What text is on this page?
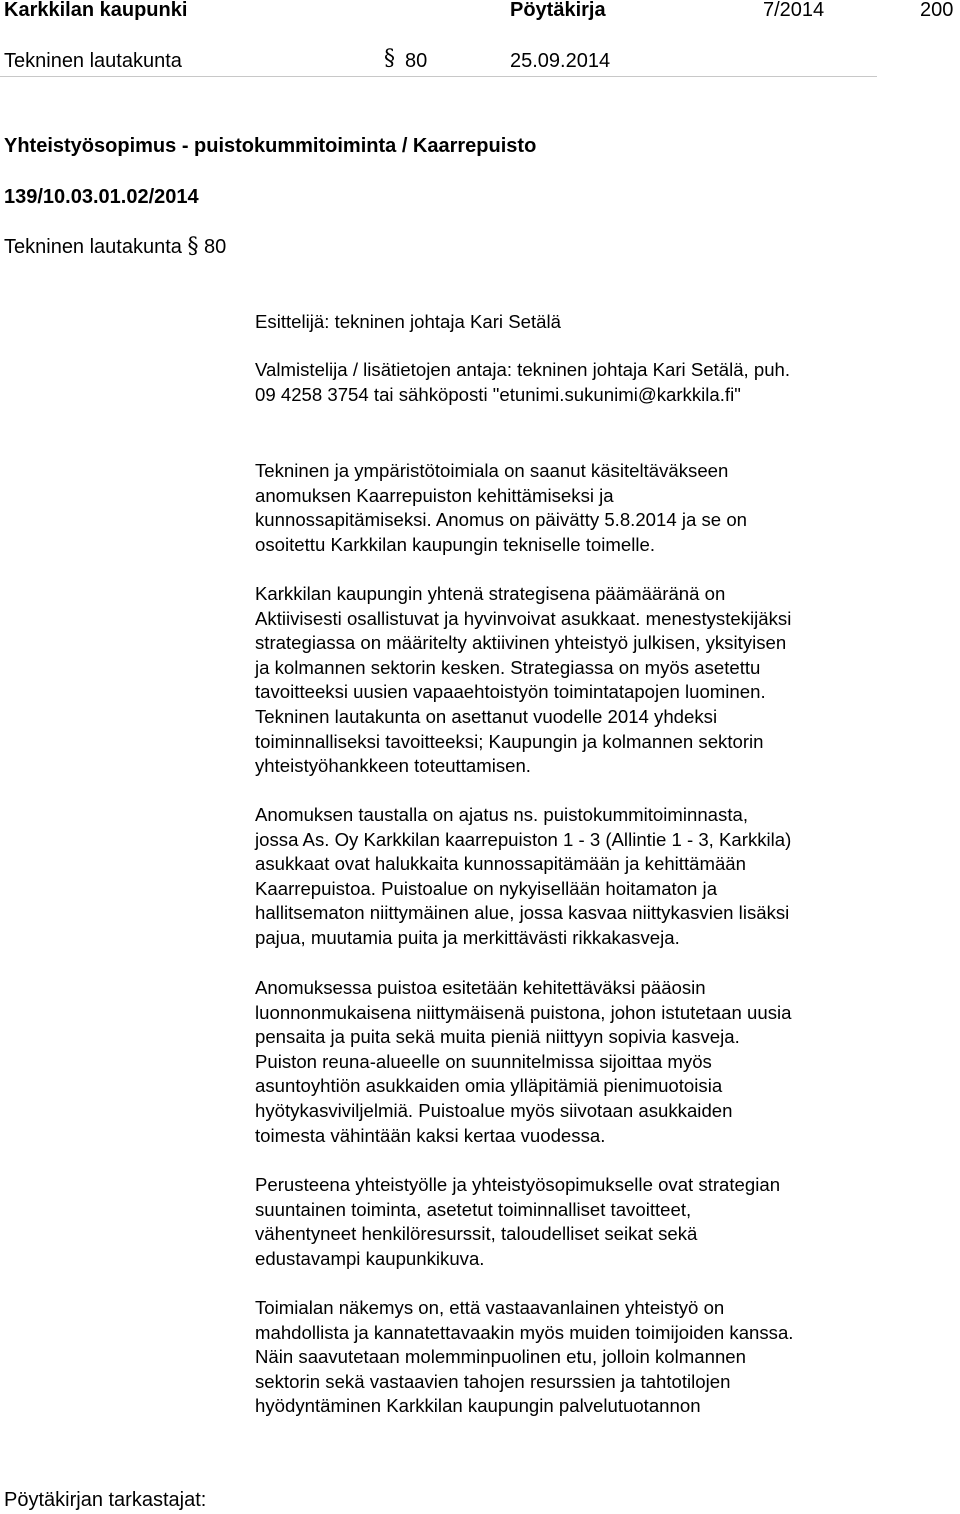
Karkkilan kaupunki	Pöytäkirja	7/2014	200
Tekninen lautakunta	§ 80	25.09.2014
Yhteistyösopimus - puistokummitoiminta / Kaarrepuisto
139/10.03.01.02/2014
Tekninen lautakunta § 80
Esittelijä: tekninen johtaja Kari Setälä
Valmistelija / lisätietojen antaja: tekninen johtaja Kari Setälä, puh.
09 4258 3754 tai sähköposti "etunimi.sukunimi@karkkila.fi"
Tekninen ja ympäristötoimiala on saanut käsiteltäväkseen
anomuksen Kaarrepuiston kehittämiseksi ja
kunnossapitämiseksi. Anomus on päivätty 5.8.2014 ja se on
osoitettu Karkkilan kaupungin tekniselle toimelle.
Karkkilan kaupungin yhtenä strategisena päämääränä on
Aktiivisesti osallistuvat ja hyvinvoivat asukkaat. menestystekijäksi
strategiassa on määritelty aktiivinen yhteistyö julkisen, yksityisen
ja kolmannen sektorin kesken. Strategiassa on myös asetettu
tavoitteeksi uusien vapaaehtoistyön toimintatapojen luominen.
Tekninen lautakunta on asettanut vuodelle 2014 yhdeksi
toiminnalliseksi tavoitteeksi; Kaupungin ja kolmannen sektorin
yhteistyöhankkeen toteuttamisen.
Anomuksen taustalla on ajatus ns. puistokummitoiminnasta,
jossa As. Oy Karkkilan kaarrepuiston 1 - 3 (Allintie 1 - 3, Karkkila)
asukkaat ovat halukkaita kunnossapitämään ja kehittämään
Kaarrepuistoa. Puistoalue on nykyisellään hoitamaton ja
hallitsematon niittymäinen alue, jossa kasvaa niittykasvien lisäksi
pajua, muutamia puita ja merkittävästi rikkakasveja.
Anomuksessa puistoa esitetään kehitettäväksi pääosin
luonnonmukaisena niittymäisenä puistona, johon istutetaan uusia
pensaita ja puita sekä muita pieniä niittyyn sopivia kasveja.
Puiston reuna-alueelle on suunnitelmissa sijoittaa myös
asuntoyhtiön asukkaiden omia ylläpitämiä pienimuotoisia
hyötykasviviljelmiä. Puistoalue myös siivotaan asukkaiden
toimesta vähintään kaksi kertaa vuodessa.
Perusteena yhteistyölle ja yhteistyösopimukselle ovat strategian
suuntainen toiminta, asetetut toiminnalliset tavoitteet,
vähentyneet henkilöresurssit, taloudelliset seikat sekä
edustavampi kaupunkikuva.
Toimialan näkemys on, että vastaavanlainen yhteistyö on
mahdollista ja kannatettavaakin myös muiden toimijoiden kanssa.
Näin saavutetaan molemminpuolinen etu, jolloin kolmannen
sektorin sekä vastaavien tahojen resurssien ja tahtotilojen
hyödyntäminen Karkkilan kaupungin palvelutuotannon
Pöytäkirjan tarkastajat:
